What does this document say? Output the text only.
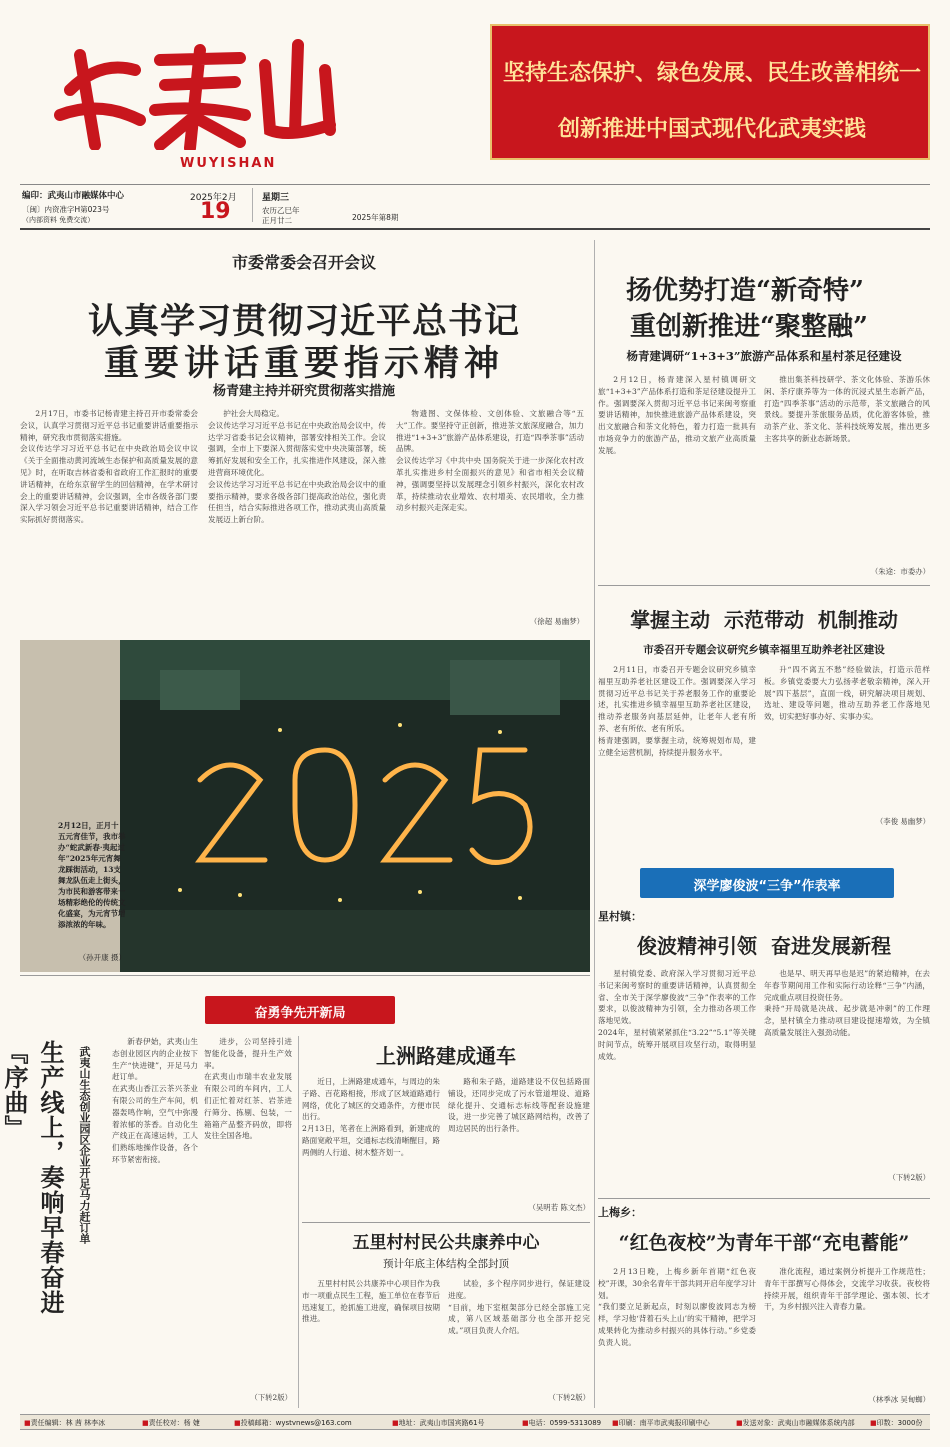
WUYISHAN
坚持生态保护、绿色发展、民生改善相统一
创新推进中国式现代化武夷实践
编印：武夷山市融媒体中心
〔闽〕内资准字H第023号
（内部资料 免费交流）
2025年2月
19
星期三
农历乙巳年
正月廿二	2025年第8期
市委常委会召开会议
认真学习贯彻习近平总书记
重要讲话重要指示精神
杨青建主持并研究贯彻落实措施
2月17日，市委书记杨青建主持召开市委常委会会议，认真学习贯彻习近平总书记重要讲话重要指示精神，研究我市贯彻落实措施。
会议传达学习习近平总书记在中央政治局会议中议《关于全面推动黄河流域生态保护和高质量发展的意见》时，在听取吉林省委和省政府工作汇报时的重要讲话精神，在给东京留学生的回信精神，在学术研讨会上的重要讲话精神，会议强调，全市各级各部门要深入学习领会习近平总书记重要讲话精神，结合工作实际抓好贯彻落实。
护社会大局稳定。
会议传达学习习近平总书记在中央政治局会议中，传达学习省委书记会议精神，部署安排相关工作。会议强调，全市上下要深入贯彻落实党中央决策部署，统筹抓好发展和安全工作，扎实推进作风建设，深入推进营商环境优化。
会议传达学习习近平总书记在中央政治局会议中的重要指示精神，要求各级各部门提高政治站位，强化责任担当，结合实际推进各项工作，推动武夷山高质量发展迈上新台阶。
物遗图、文保体检、文创体验、文旅融合等“五大”工作。要坚持守正创新，推进茶文旅深度融合，加力推进“1+3+3”旅游产品体系建设，打造“四季茶事”活动品牌。
会议传达学习《中共中央 国务院关于进一步深化农村改革扎实推进乡村全面振兴的意见》和省市相关会议精神，强调要坚持以发展理念引领乡村振兴，深化农村改革，持续推动农业增效、农村增美、农民增收，全力推动乡村振兴走深走实。
（徐超 易幽梦）
2月12日，正月十五元宵佳节，我市举办“蛇武新春·夷起过年”2025年元宵舞龙踩街活动，13支舞龙队伍走上街头，为市民和游客带来一场精彩绝伦的传统文化盛宴，为元宵节增添浓浓的年味。
（孙开康 摄）
扬优势打造“新奇特”
重创新推进“聚整融”
杨青建调研“1+3+3”旅游产品体系和星村茶足径建设
2月12日，杨青建深入星村镇调研文旅“1+3+3”产品体系打造和茶足径建设提升工作。强调要深入贯彻习近平总书记来闽考察重要讲话精神，加快推进旅游产品体系建设，突出文旅融合和茶文化特色，着力打造一批具有市场竞争力的旅游产品，推动文旅产业高质量发展。
推出集茶科技研学、茶文化体验、茶游乐休闲、茶疗康养等为一体的沉浸式星生态新产品，打造“四季茶事”活动的示范带，茶文旅融合的风景线。要提升茶旅服务品质，优化游客体验，推动茶产业、茶文化、茶科技统筹发展，推出更多主客共享的新业态新场景。
（朱途：市委办）
掌握主动  示范带动  机制推动
市委召开专题会议研究乡镇幸福里互助养老社区建设
2月11日，市委召开专题会议研究乡镇幸福里互助养老社区建设工作。强调要深入学习贯彻习近平总书记关于养老服务工作的重要论述，扎实推进乡镇幸福里互助养老社区建设，推动养老服务向基层延伸，让老年人老有所养、老有所依、老有所乐。
杨青建强调，要掌握主动，统筹规划布局，建立健全运营机制，持续提升服务水平。
升“四不离五不愁”经验做法，打造示范样板。乡镇党委要大力弘扬孝老敬亲精神，深入开展“四下基层”，直面一线，研究解决项目规划、选址、建设等问题，推动互助养老工作落地见效，切实把好事办好、实事办实。
（李俊 易幽梦）
深学廖俊波“三争”作表率
星村镇：
俊波精神引领  奋进发展新程
星村镇党委、政府深入学习贯彻习近平总书记来闽考察时的重要讲话精神，认真贯彻全省、全市关于深学廖俊波“三争”作表率的工作要求，以俊波精神为引领，全力推动各项工作落地见效。
2024年，星村镇紧紧抓住“3.22”“5.1”等关键时间节点，统筹开展项目攻坚行动，取得明显成效。
也是早、明天再早也是迟”的紧迫精神，在去年春节期间用工作和实际行动诠释“三争”内涵，完成重点项目投资任务。
秉持“开局就是决战、起步就是冲刺”的工作理念，星村镇全力推动项目建设提速增效，为全镇高质量发展注入强劲动能。
（下转2版）
上梅乡：
“红色夜校”为青年干部“充电蓄能”
2月13日晚，上梅乡新年首期“红色夜校”开课，30余名青年干部共同开启年度学习计划。
“我们要立足新起点，时刻以廖俊波同志为榜样，学习他‘背着石头上山’的实干精神，把学习成果转化为推动乡村振兴的具体行动。”乡党委负责人说。
准化流程，通过案例分析提升工作规范性；青年干部撰写心得体会，交流学习收获。夜校将持续开展，组织青年干部学理论、强本领、长才干，为乡村振兴注入青春力量。
（林季冰 吴甸蜘）
奋勇争先开新局
生产线上，奏响早春奋进『序曲』	武夷山生态创业园区企业开足马力赶订单
新春伊始，武夷山生态创业园区内的企业按下生产“快进键”，开足马力赶订单。
在武夷山香江云茶兴茶业有限公司的生产车间，机器轰鸣作响，空气中弥漫着浓郁的茶香。自动化生产线正在高速运转，工人们熟练地操作设备，各个环节紧密衔接。
进步，公司坚持引进智能化设备，提升生产效率。
在武夷山市瑞丰农业发展有限公司的车间内，工人们正忙着对红茶、岩茶进行筛分、拣剔、包装，一箱箱产品整齐码放，即将发往全国各地。
（下转2版）
上洲路建成通车
近日，上洲路建成通车，与周边的朱子路、百花路相接，形成了区域道路通行网络，优化了城区的交通条件，方便市民出行。
2月13日，笔者在上洲路看到，新建成的路面宽敞平坦，交通标志线清晰醒目，路两侧的人行道、树木整齐划一。
路和朱子路，道路建设不仅包括路面铺设，还同步完成了污水管道埋设、道路绿化提升、交通标志标线等配套设施建设，进一步完善了城区路网结构，改善了周边居民的出行条件。
（吴明若 陈文杰）
五里村村民公共康养中心
预计年底主体结构全部封顶
五里村村民公共康养中心项目作为我市一项重点民生工程，施工单位在春节后迅速复工，抢抓施工进度，确保项目按期推进。
试验，多个程序同步进行，保证建设进度。
“目前，地下室框架部分已经全部施工完成，第八区域基础部分也全部开挖完成。”项目负责人介绍。
（下转2版）
■责任编辑：林 茜 林李冰	■责任校对：杨 婕	■投稿邮箱：wystvnews@163.com	■地址：武夷山市国宾路61号	■电话：0599-5313089 ■印刷：南平市武夷报印刷中心	■发送对象：武夷山市融媒体系统内部 ■印数：3000份
